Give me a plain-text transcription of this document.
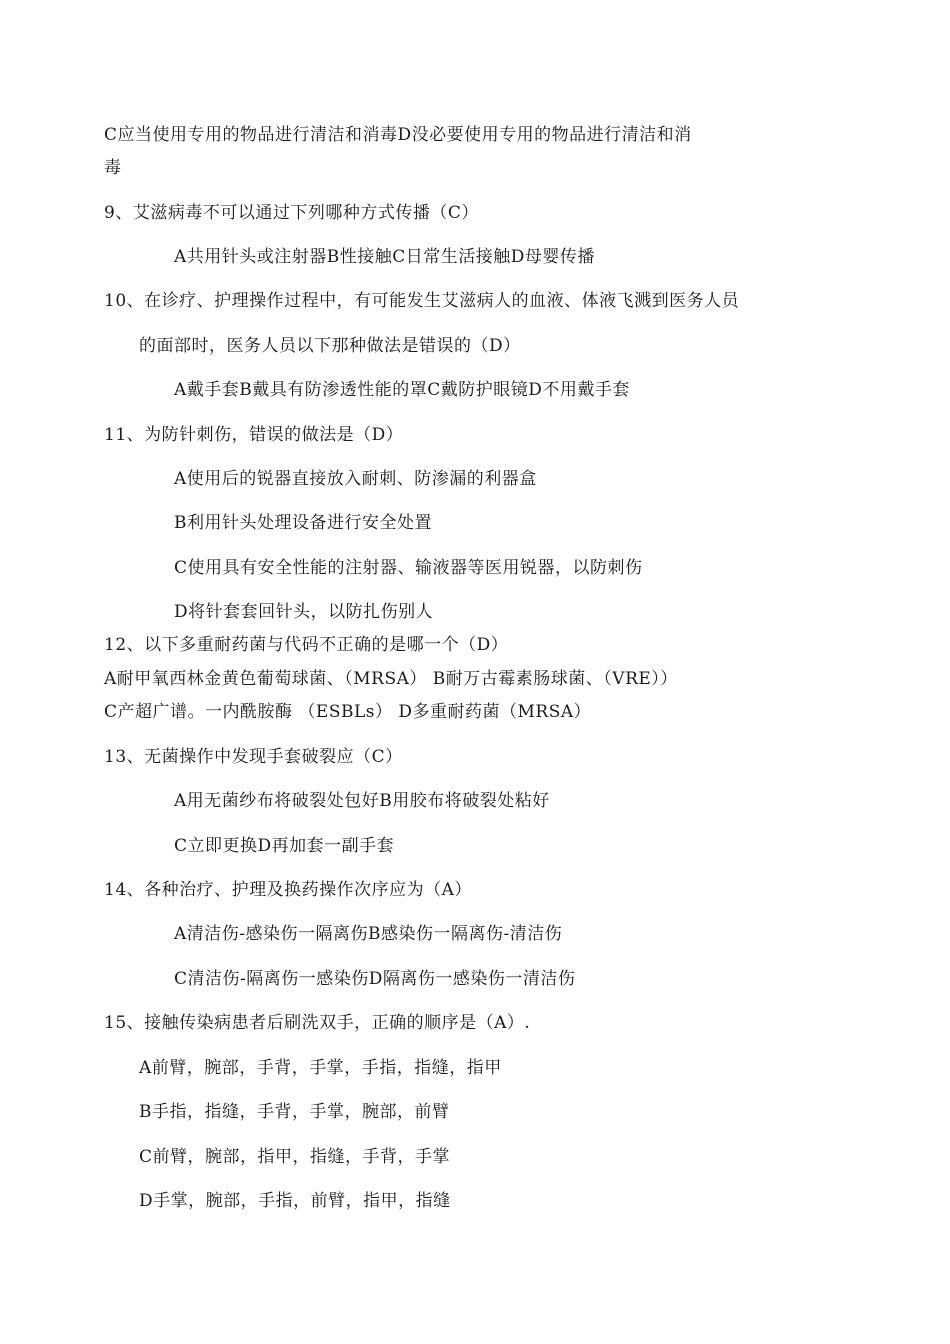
C应当使用专用的物品进行清洁和消毒D没必要使用专用的物品进行清洁和消
毒
9、艾滋病毒不可以通过下列哪种方式传播（C）
A共用针头或注射器B性接触C日常生活接触D母婴传播
10、在诊疗、护理操作过程中，有可能发生艾滋病人的血液、体液飞溅到医务人员
的面部时，医务人员以下那种做法是错误的（D）
A戴手套B戴具有防渗透性能的罩C戴防护眼镜D不用戴手套
11、为防针刺伤，错误的做法是（D）
A使用后的锐器直接放入耐刺、防渗漏的利器盒
B利用针头处理设备进行安全处置
C使用具有安全性能的注射器、输液器等医用锐器，以防刺伤
D将针套套回针头，以防扎伤别人
12、以下多重耐药菌与代码不正确的是哪一个（D）
A耐甲氧西林金黄色葡萄球菌、（MRSA） B耐万古霉素肠球菌、（VRE））
C产超广谱。一内酰胺酶 （ESBLs） D多重耐药菌（MRSA）
13、无菌操作中发现手套破裂应（C）
A用无菌纱布将破裂处包好B用胶布将破裂处粘好
C立即更换D再加套一副手套
14、各种治疗、护理及换药操作次序应为（A）
A清洁伤-感染伤一隔离伤B感染伤一隔离伤-清洁伤
C清洁伤-隔离伤一感染伤D隔离伤一感染伤一清洁伤
15、接触传染病患者后刷洗双手，正确的顺序是（A）.
A前臂，腕部，手背，手掌，手指，指缝，指甲
B手指，指缝，手背，手掌，腕部，前臂
C前臂，腕部，指甲，指缝，手背，手掌
D手掌，腕部，手指，前臂，指甲，指缝
